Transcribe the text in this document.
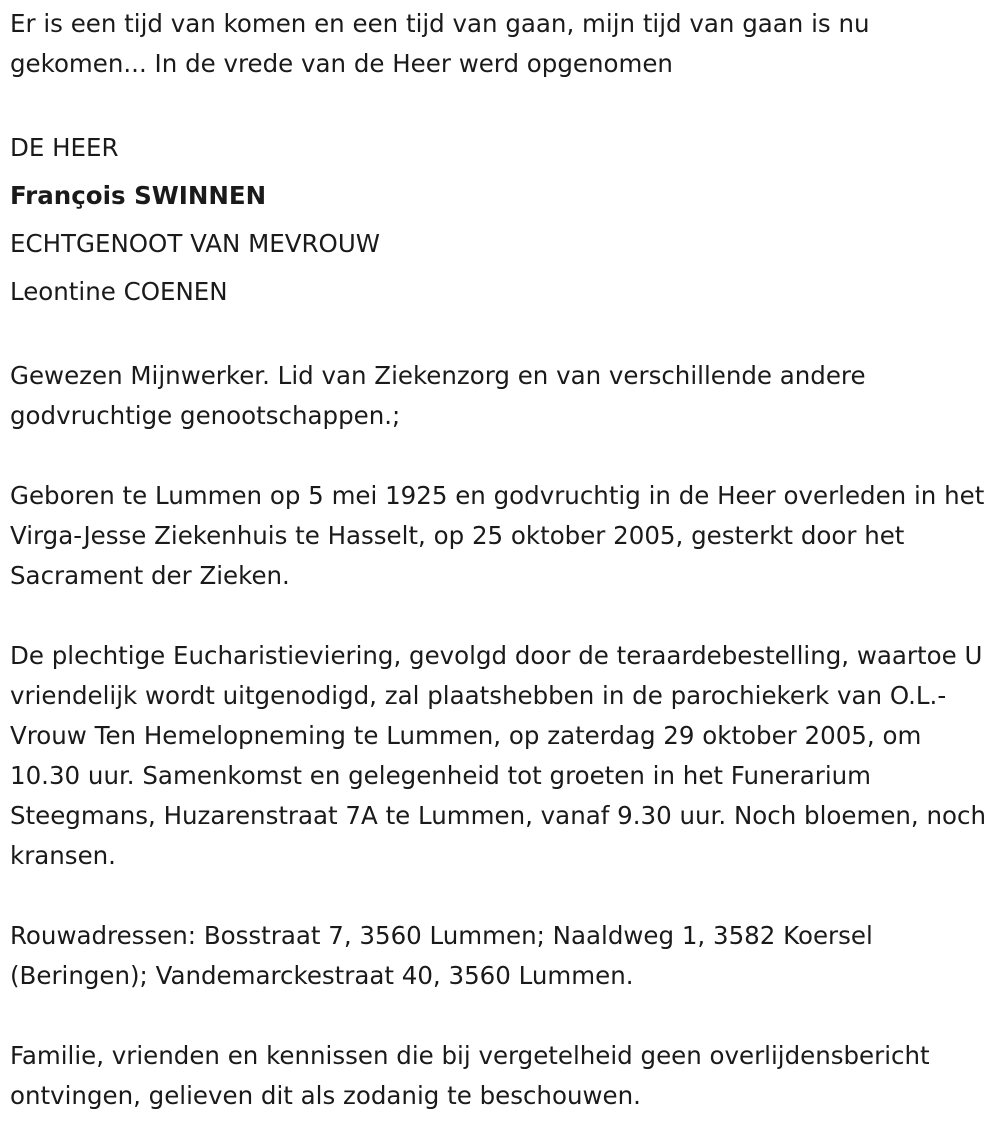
Er is een tijd van komen en een tijd van gaan, mijn tijd van gaan is nu gekomen... In de vrede van de Heer werd opgenomen

DE HEER

François SWINNEN

ECHTGENOOT VAN MEVROUW

Leontine COENEN

Gewezen Mijnwerker. Lid van Ziekenzorg en van verschillende andere godvruchtige genootschappen.;

Geboren te Lummen op 5 mei 1925 en godvruchtig in de Heer overleden in het Virga-Jesse Ziekenhuis te Hasselt, op 25 oktober 2005, gesterkt door het Sacrament der Zieken.

De plechtige Eucharistieviering, gevolgd door de teraardebestelling, waartoe U vriendelijk wordt uitgenodigd, zal plaatshebben in de parochiekerk van O.L.-Vrouw Ten Hemelopneming te Lummen, op zaterdag 29 oktober 2005, om 10.30 uur. Samenkomst en gelegenheid tot groeten in het Funerarium Steegmans, Huzarenstraat 7A te Lummen, vanaf 9.30 uur. Noch bloemen, noch kransen.

Rouwadressen: Bosstraat 7, 3560 Lummen; Naaldweg 1, 3582 Koersel (Beringen); Vandemarckestraat 40, 3560 Lummen.

Familie, vrienden en kennissen die bij vergetelheid geen overlijdensbericht ontvingen, gelieven dit als zodanig te beschouwen.
